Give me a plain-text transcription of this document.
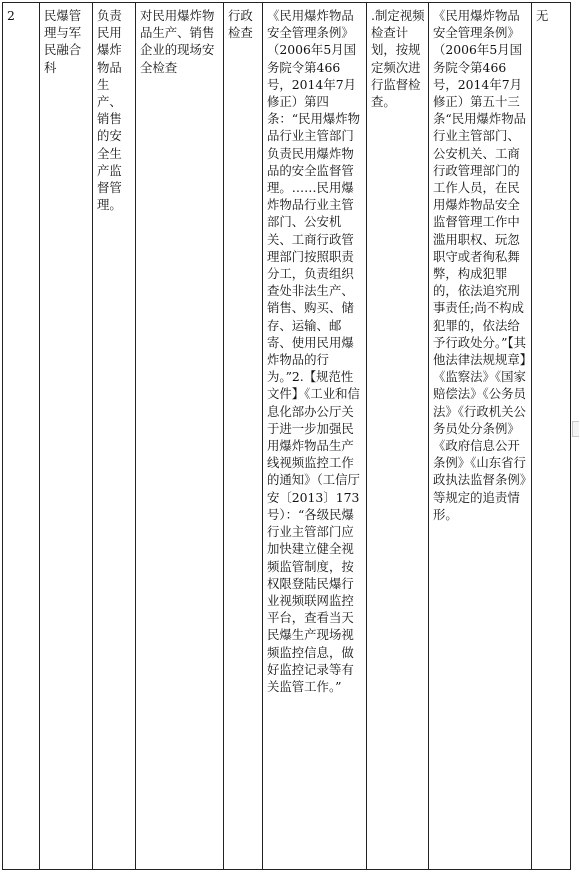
2	民爆管理与军民融合科	负责民用爆炸物品生产、销售的安全生产监督管理。	对民用爆炸物品生产、销售企业的现场安全检查	行政检查	《民用爆炸物品安全管理条例》（2006年5月国务院令第466号，2014年7月修正）第四条：“民用爆炸物品行业主管部门负责民用爆炸物品的安全监督管理。……民用爆炸物品行业主管部门、公安机关、工商行政管理部门按照职责分工，负责组织查处非法生产、销售、购买、储存、运输、邮寄、使用民用爆炸物品的行为。”2.【规范性文件】《工业和信息化部办公厅关于进一步加强民用爆炸物品生产线视频监控工作的通知》（工信厅安〔2013〕173号）：“各级民爆行业主管部门应加快建立健全视频监管制度，按权限登陆民爆行业视频联网监控平台，查看当天民爆生产现场视频监控信息，做好监控记录等有关监管工作。”	.制定视频检查计划，按规定频次进行监督检查。	《民用爆炸物品安全管理条例》（2006年5月国务院令第466号，2014年7月修正）第五十三条“民用爆炸物品行业主管部门、公安机关、工商行政管理部门的工作人员，在民用爆炸物品安全监督管理工作中滥用职权、玩忽职守或者徇私舞弊，构成犯罪的，依法追究刑事责任;尚不构成犯罪的，依法给予行政处分。”【其他法律法规规章】《监察法》《国家赔偿法》《公务员法》《行政机关公务员处分条例》《政府信息公开条例》《山东省行政执法监督条例》等规定的追责情形。	无
